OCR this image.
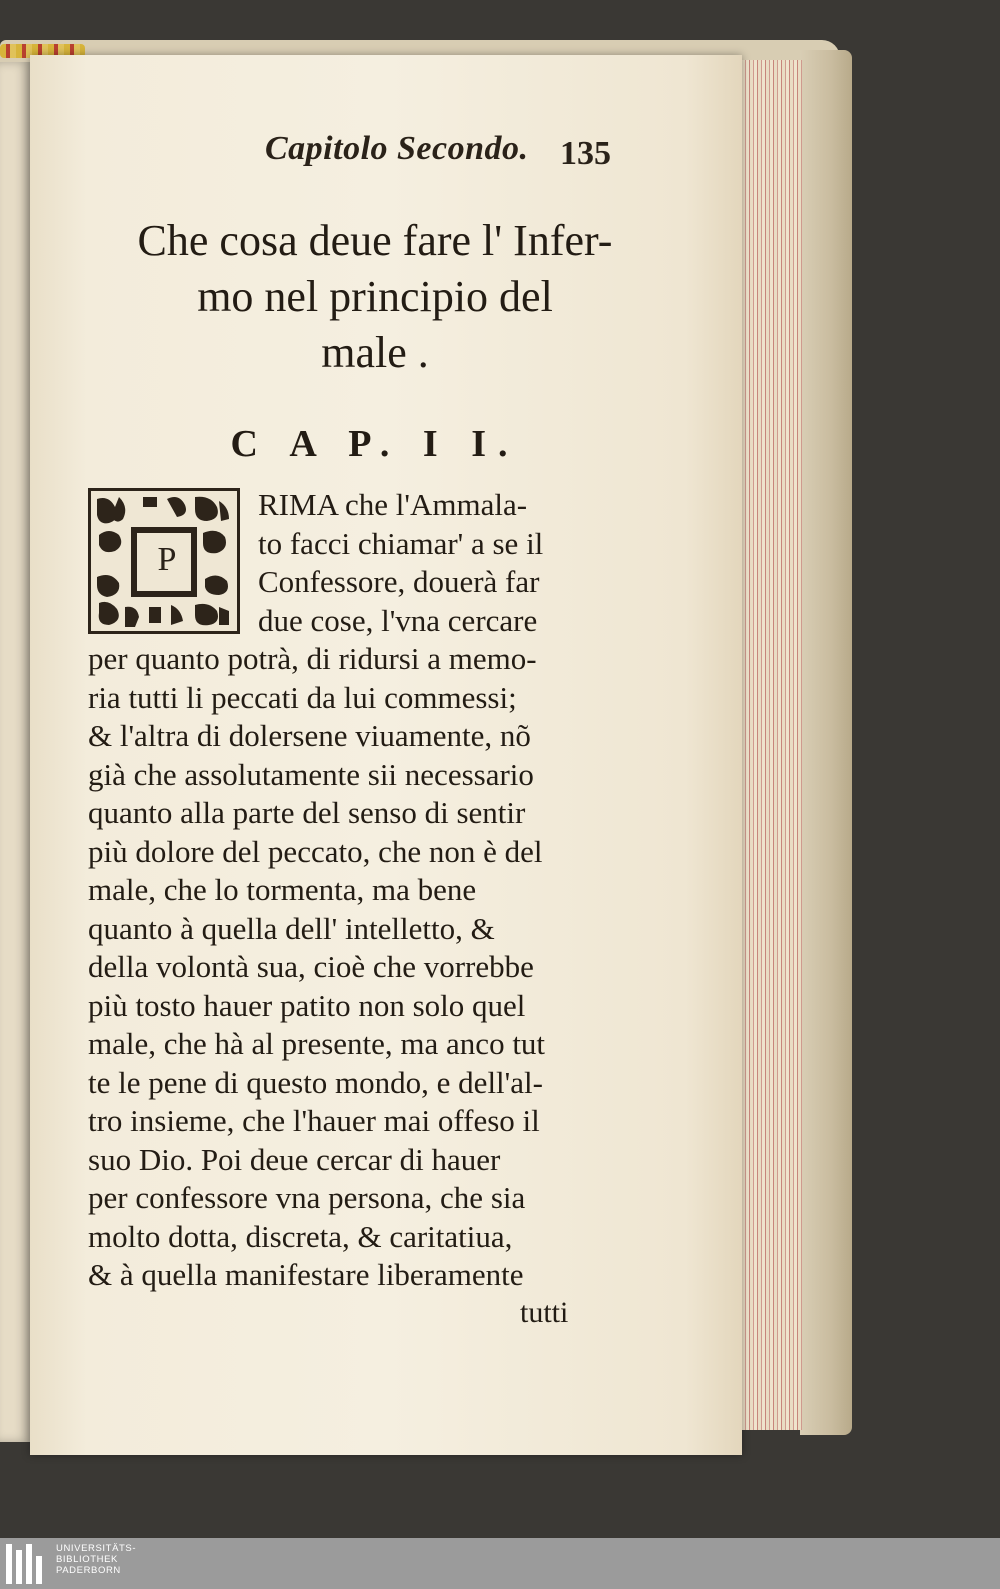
Capitolo Secondo. 135
Che cosa deue fare l' Infer-
mo nel principio del
male .
C A P. I I.
P
RIMA che l'Ammala-
to facci chiamar' a se il
Confessore, douerà far
due cose, l'vna cercare
per quanto potrà, di ridursi a memo-
ria tutti li peccati da lui commessi;
& l'altra di dolersene viuamente, nõ
già che assolutamente sii necessario
quanto alla parte del senso di sentir
più dolore del peccato, che non è del
male, che lo tormenta, ma bene
quanto à quella dell' intelletto, &
della volontà sua, cioè che vorrebbe
più tosto hauer patito non solo quel
male, che hà al presente, ma anco tut
te le pene di questo mondo, e dell'al-
tro insieme, che l'hauer mai offeso il
suo Dio. Poi deue cercar di hauer
per confessore vna persona, che sia
molto dotta, discreta, & caritatiua,
& à quella manifestare liberamente
tutti
UNIVERSITÄTS-
BIBLIOTHEK
PADERBORN
